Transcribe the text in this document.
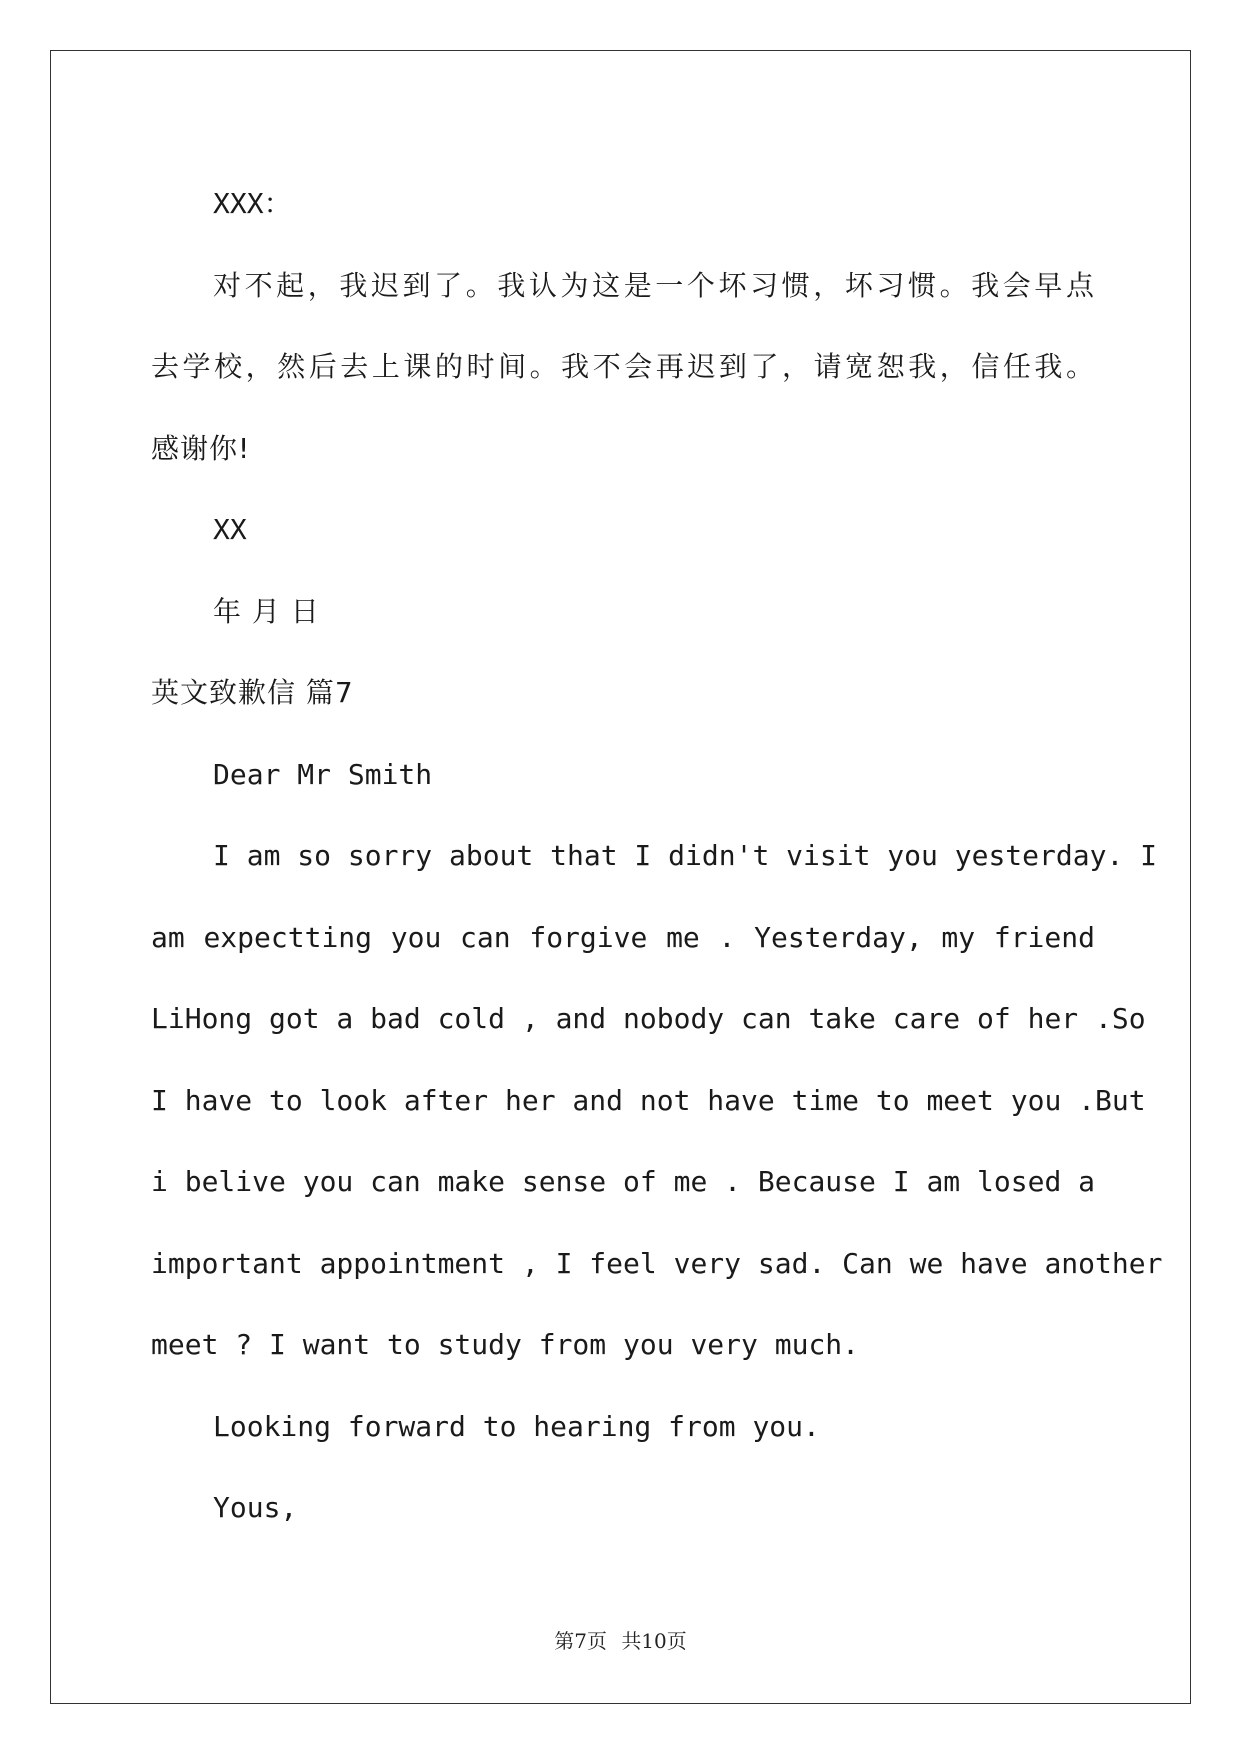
XXX：
对不起，我迟到了。我认为这是一个坏习惯，坏习惯。我会早点
去学校，然后去上课的时间。我不会再迟到了，请宽恕我，信任我。
感谢你!
XX
年 月 日
英文致歉信 篇7
Dear Mr Smith
I am so sorry about that I didn't visit you yesterday. I
am expectting you can forgive me . Yesterday, my friend
LiHong got a bad cold , and nobody can take care of her .So
I have to look after her and not have time to meet you .But
i belive you can make sense of me . Because I am losed a
important appointment , I feel very sad. Can we have another
meet ? I want to study from you very much.
Looking forward to hearing from you.
Yous,
第7页 共10页
